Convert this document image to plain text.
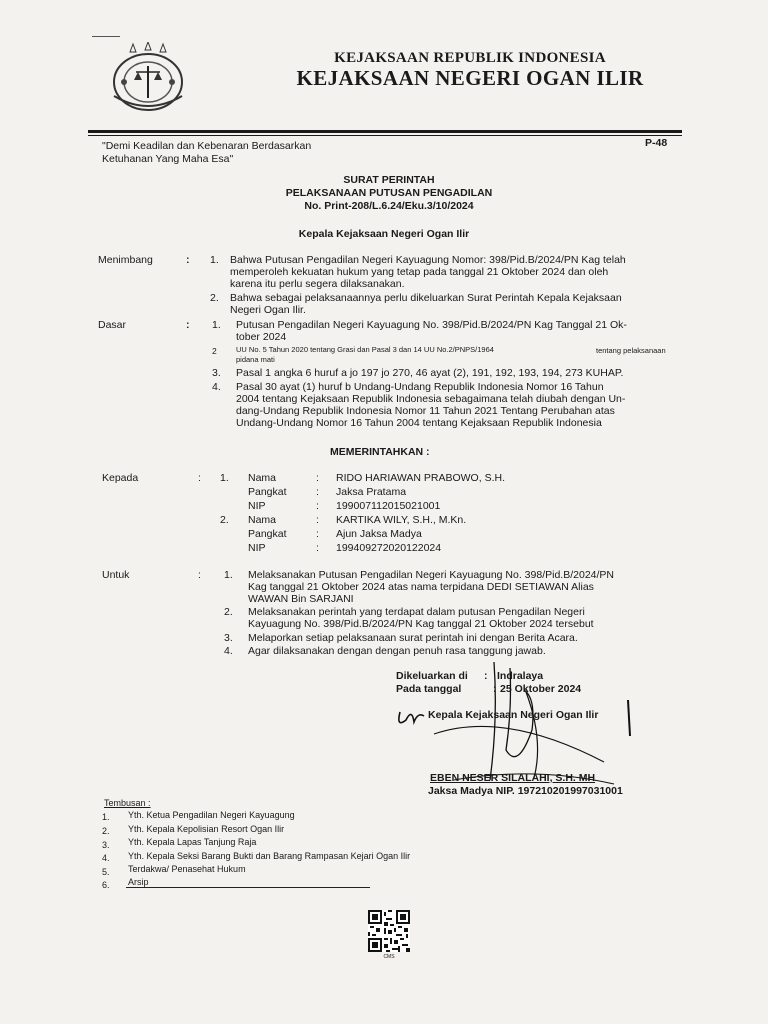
KEJAKSAAN REPUBLIK INDONESIA
KEJAKSAAN NEGERI OGAN ILIR
"Demi Keadilan dan Kebenaran Berdasarkan
Ketuhanan Yang Maha Esa"
P-48
SURAT PERINTAH
PELAKSANAAN PUTUSAN PENGADILAN
No. Print-208/L.6.24/Eku.3/10/2024
Kepala Kejaksaan Negeri Ogan Ilir
Menimbang	: 1. Bahwa Putusan Pengadilan Negeri Kayuagung Nomor: 398/Pid.B/2024/PN Kag telah
memperoleh kekuatan hukum yang tetap pada tanggal 21 Oktober 2024 dan oleh
karena itu perlu segera dilaksanakan.
2. Bahwa sebagai pelaksanaannya perlu dikeluarkan Surat Perintah Kepala Kejaksaan
Negeri Ogan Ilir.
Dasar	: 1. Putusan Pengadilan Negeri Kayuagung No. 398/Pid.B/2024/PN Kag Tanggal 21 Ok-
tober 2024
2	UU No. 5 Tahun 2020 tentang Grasi dan Pasal 3 dan 14 UU No.2/PNPS/1964	tentang pelaksanaan
pidana mati
3. Pasal 1 angka 6 huruf a jo 197 jo 270, 46 ayat (2), 191, 192, 193, 194, 273 KUHAP.
4. Pasal 30 ayat (1) huruf b Undang-Undang Republik Indonesia Nomor 16 Tahun
2004 tentang Kejaksaan Republik Indonesia sebagaimana telah diubah dengan Un-
dang-Undang Republik Indonesia Nomor 11 Tahun 2021 Tentang Perubahan atas
Undang-Undang Nomor 16 Tahun 2004 tentang Kejaksaan Republik Indonesia
MEMERINTAHKAN :
Kepada	: 1. Nama	: RIDO HARIAWAN PRABOWO, S.H.
Pangkat	: Jaksa Pratama
NIP	: 199007112015021001
2. Nama	: KARTIKA WILY, S.H., M.Kn.
Pangkat	: Ajun Jaksa Madya
NIP	: 199409272020122024
Untuk	: 1. Melaksanakan Putusan Pengadilan Negeri Kayuagung No. 398/Pid.B/2024/PN
Kag tanggal 21 Oktober 2024 atas nama terpidana DEDI SETIAWAN Alias
WAWAN Bin SARJANI
2. Melaksanakan perintah yang terdapat dalam putusan Pengadilan Negeri
Kayuagung No. 398/Pid.B/2024/PN Kag tanggal 21 Oktober 2024 tersebut
3. Melaporkan setiap pelaksanaan surat perintah ini dengan Berita Acara.
4. Agar dilaksanakan dengan dengan penuh rasa tanggung jawab.
Dikeluarkan di : Indralaya
Pada tanggal	: 25 Oktober 2024
Kepala Kejaksaan Negeri Ogan Ilir
EBEN NESER SILALAHI, S.H. MH
Jaksa Madya NIP. 197210201997031001
Tembusan :
1. Yth. Ketua Pengadilan Negeri Kayuagung
2. Yth. Kepala Kepolisian Resort Ogan Ilir
3. Yth. Kepala Lapas Tanjung Raja
4. Yth. Kepala Seksi Barang Bukti dan Barang Rampasan Kejari Ogan Ilir
5. Terdakwa/ Penasehat Hukum
6. Arsip
CMS
